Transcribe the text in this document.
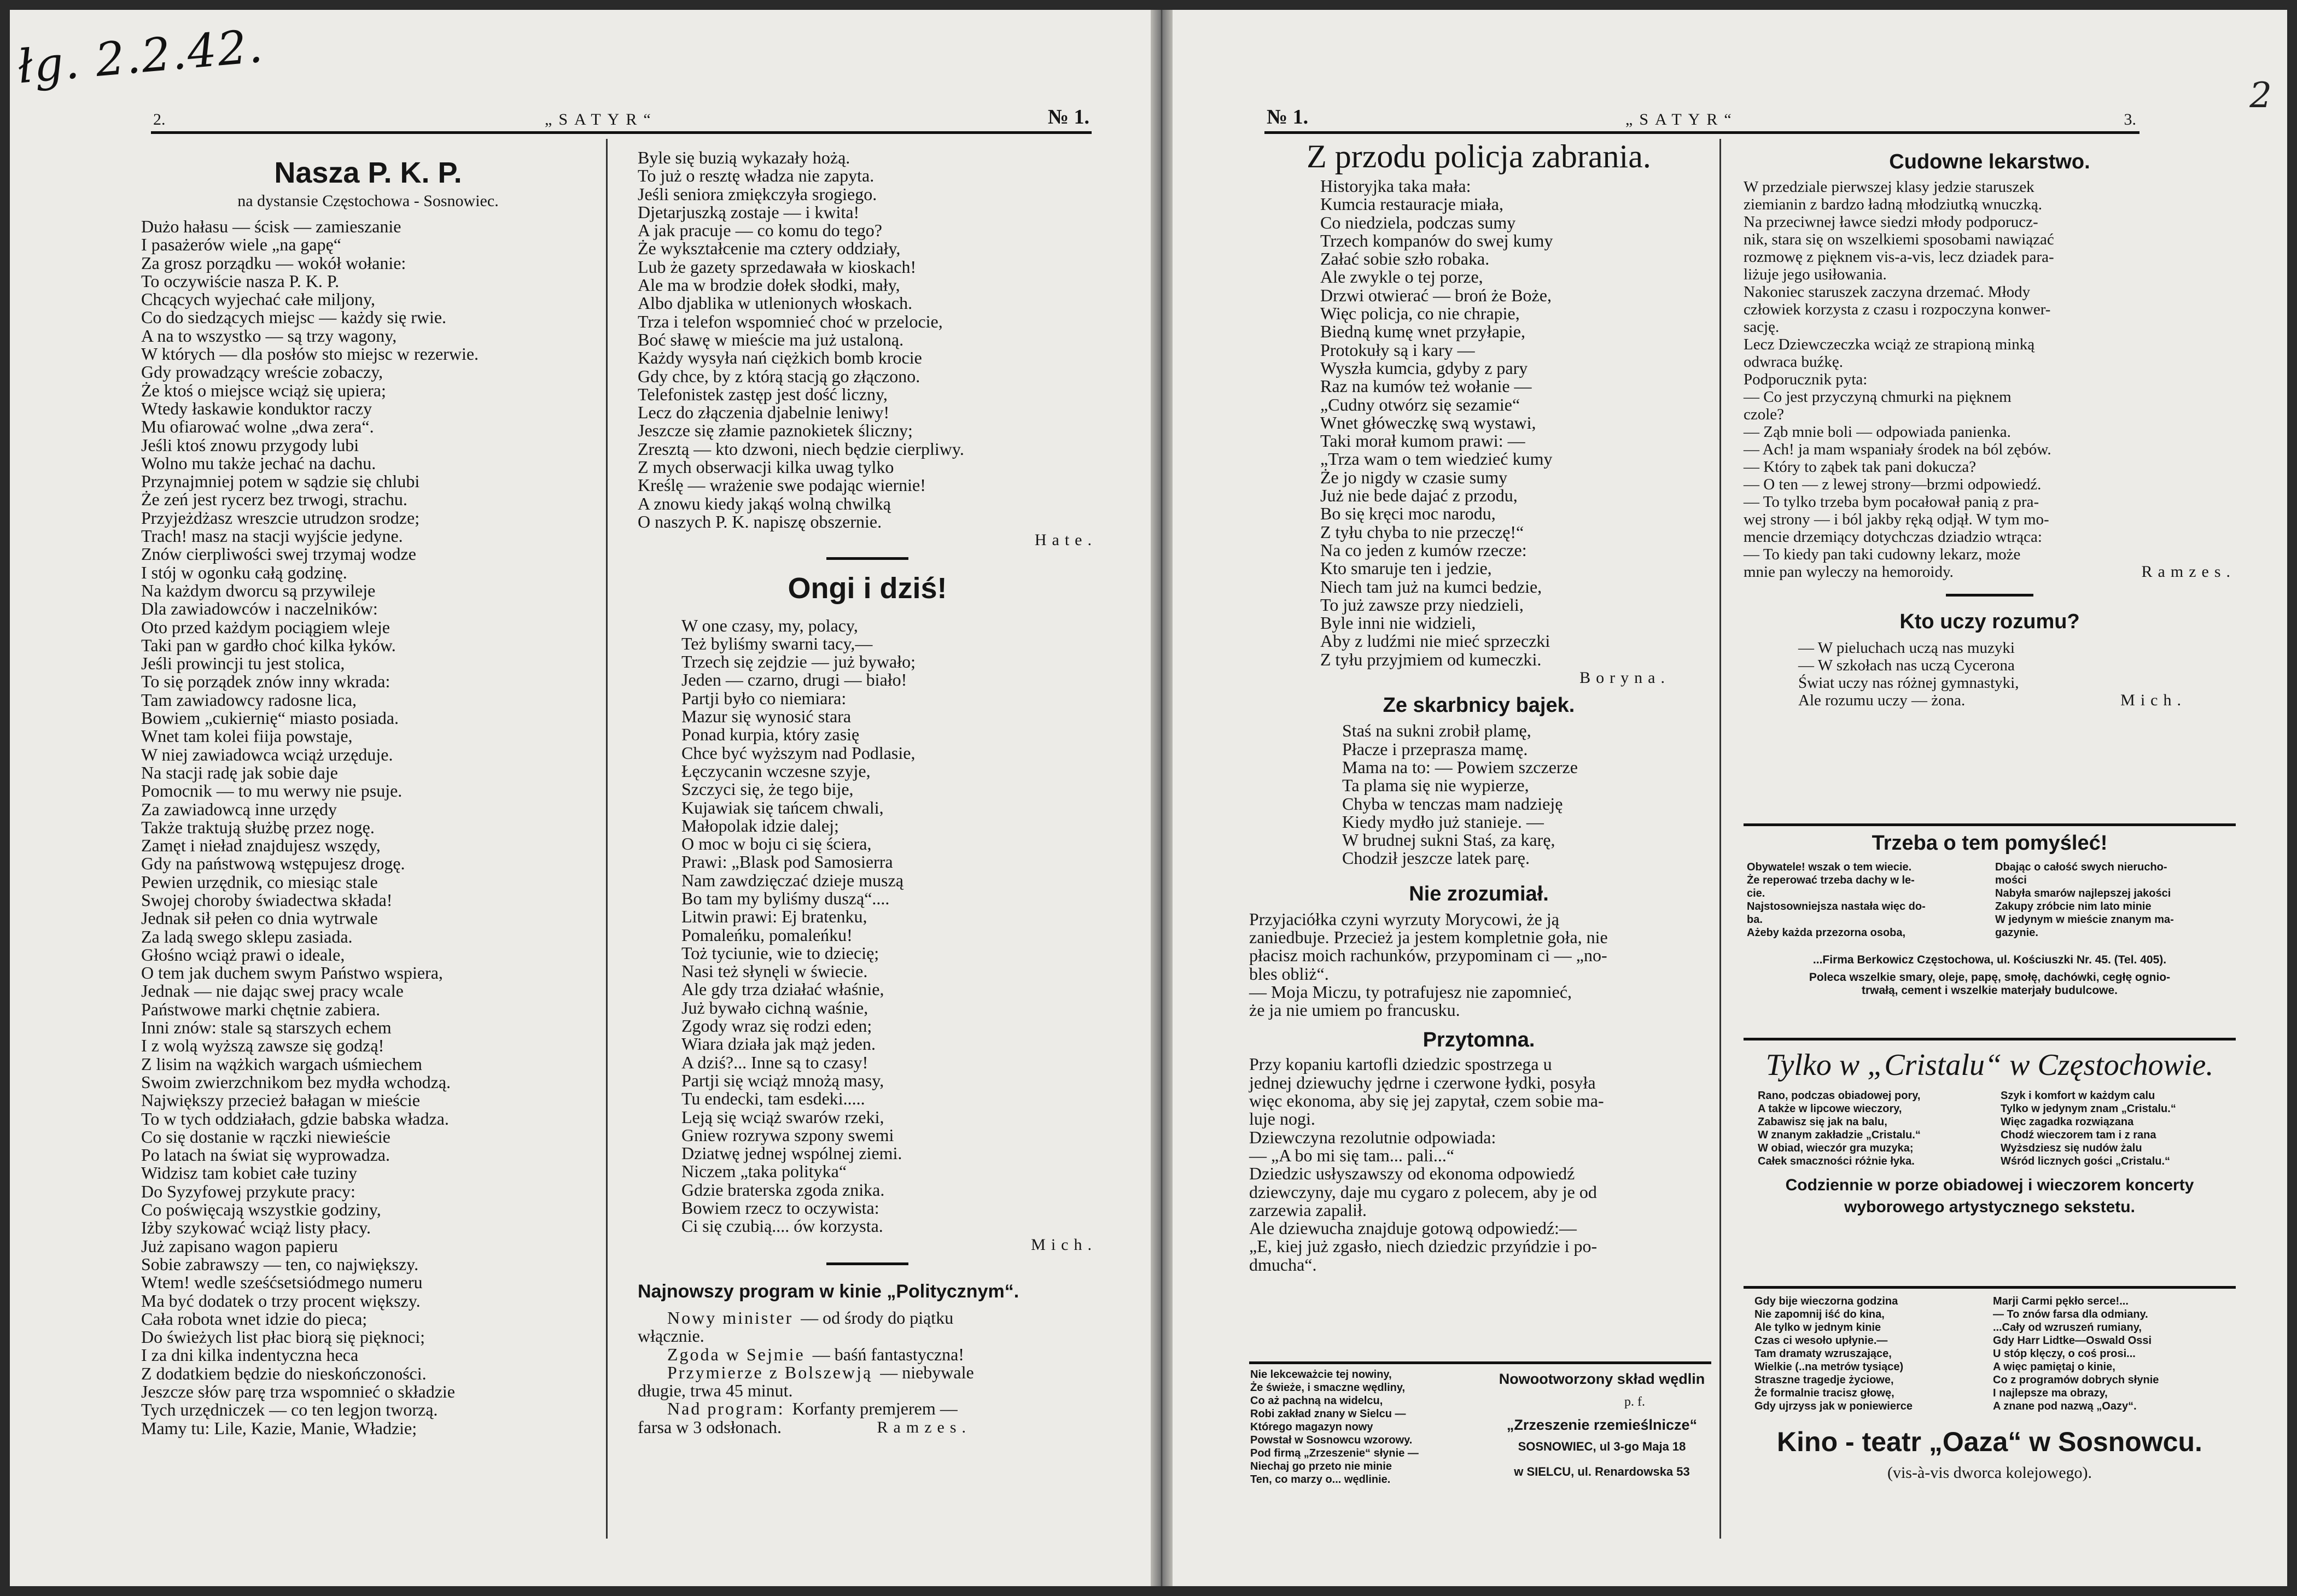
łg. 2.2.42.
2.	„SATYR“	№ 1.
Nasza P. K. P.
na dystansie Częstochowa - Sosnowiec.
Dużo hałasu — ścisk — zamieszanie
I pasażerów wiele „na gapę“
Za grosz porządku — wokół wołanie:
To oczywiście nasza P. K. P.
Chcących wyjechać całe miljony,
Co do siedzących miejsc — każdy się rwie.
A na to wszystko — są trzy wagony,
W których — dla posłów sto miejsc w rezerwie.
Gdy prowadzący wreście zobaczy,
Że ktoś o miejsce wciąż się upiera;
Wtedy łaskawie konduktor raczy
Mu ofiarować wolne „dwa zera“.
Jeśli ktoś znowu przygody lubi
Wolno mu także jechać na dachu.
Przynajmniej potem w sądzie się chlubi
Że zeń jest rycerz bez trwogi, strachu.
Przyjeżdżasz wreszcie utrudzon srodze;
Trach! masz na stacji wyjście jedyne.
Znów cierpliwości swej trzymaj wodze
I stój w ogonku całą godzinę.
Na każdym dworcu są przywileje
Dla zawiadowców i naczelników:
Oto przed każdym pociągiem wleje
Taki pan w gardło choć kilka łyków.
Jeśli prowincji tu jest stolica,
To się porządek znów inny wkrada:
Tam zawiadowcy radosne lica,
Bowiem „cukiernię“ miasto posiada.
Wnet tam kolei fiija powstaje,
W niej zawiadowca wciąż urzęduje.
Na stacji radę jak sobie daje
Pomocnik — to mu werwy nie psuje.
Za zawiadowcą inne urzędy
Także traktują służbę przez nogę.
Zamęt i nieład znajdujesz wszędy,
Gdy na państwową wstępujesz drogę.
Pewien urzędnik, co miesiąc stale
Swojej choroby świadectwa składa!
Jednak sił pełen co dnia wytrwale
Za ladą swego sklepu zasiada.
Głośno wciąż prawi o ideale,
O tem jak duchem swym Państwo wspiera,
Jednak — nie dając swej pracy wcale
Państwowe marki chętnie zabiera.
Inni znów: stale są starszych echem
I z wolą wyższą zawsze się godzą!
Z lisim na wążkich wargach uśmiechem
Swoim zwierzchnikom bez mydła wchodzą.
Największy przecież bałagan w mieście
To w tych oddziałach, gdzie babska władza.
Co się dostanie w rączki niewieście
Po latach na świat się wyprowadza.
Widzisz tam kobiet całe tuziny
Do Syzyfowej przykute pracy:
Co poświęcają wszystkie godziny,
Iżby szykować wciąż listy płacy.
Już zapisano wagon papieru
Sobie zabrawszy — ten, co największy.
Wtem! wedle sześćsetsiódmego numeru
Ma być dodatek o trzy procent większy.
Cała robota wnet idzie do pieca;
Do świeżych list płac biorą się pięknoci;
I za dni kilka indentyczna heca
Z dodatkiem będzie do nieskończoności.
Jeszcze słów parę trza wspomnieć o składzie
Tych urzędniczek — co ten legjon tworzą.
Mamy tu: Lile, Kazie, Manie, Władzie;
Byle się buzią wykazały hożą.
To już o resztę władza nie zapyta.
Jeśli seniora zmiękczyła srogiego.
Djetarjuszką zostaje — i kwita!
A jak pracuje — co komu do tego?
Że wykształcenie ma cztery oddziały,
Lub że gazety sprzedawała w kioskach!
Ale ma w brodzie dołek słodki, mały,
Albo djablika w utlenionych włoskach.
Trza i telefon wspomnieć choć w przelocie,
Boć sławę w mieście ma już ustaloną.
Każdy wysyła nań ciężkich bomb krocie
Gdy chce, by z którą stacją go złączono.
Telefonistek zastęp jest dość liczny,
Lecz do złączenia djabelnie leniwy!
Jeszcze się złamie paznokietek śliczny;
Zresztą — kto dzwoni, niech będzie cierpliwy.
Z mych obserwacji kilka uwag tylko
Kreślę — wrażenie swe podając wiernie!
A znowu kiedy jakąś wolną chwilką
O naszych P. K. napiszę obszernie.
Hate.
Ongi i dziś!
W one czasy, my, polacy,
Też byliśmy swarni tacy,—
Trzech się zejdzie — już bywało;
Jeden — czarno, drugi — biało!
Partji było co niemiara:
Mazur się wynosić stara
Ponad kurpia, który zasię
Chce być wyższym nad Podlasie,
Łęczycanin wczesne szyje,
Szczyci się, że tego bije,
Kujawiak się tańcem chwali,
Małopolak idzie dalej;
O moc w boju ci się ściera,
Prawi: „Blask pod Samosierra
Nam zawdzięczać dzieje muszą
Bo tam my byliśmy duszą“....
Litwin prawi: Ej bratenku,
Pomaleńku, pomaleńku!
Toż tyciunie, wie to dziecię;
Nasi też słynęli w świecie.
Ale gdy trza działać właśnie,
Już bywało cichną waśnie,
Zgody wraz się rodzi eden;
Wiara działa jak mąż jeden.
A dziś?... Inne są to czasy!
Partji się wciąż mnożą masy,
Tu endecki, tam esdeki.....
Leją się wciąż swarów rzeki,
Gniew rozrywa szpony swemi
Dziatwę jednej wspólnej ziemi.
Niczem „taka polityka“
Gdzie braterska zgoda znika.
Bowiem rzecz to oczywista:
Ci się czubią.... ów korzysta.
Mich.
Najnowszy program w kinie „Politycznym“.
Nowy minister — od środy do piątku
włącznie.
Zgoda w Sejmie — baśń fantastyczna!
Przymierze z Bolszewją — niebywale
długie, trwa 45 minut.
Nad program: Korfanty premjerem —
farsa w 3 odsłonach.	Ramzes.
2
№ 1.	„SATYR“	3.
Z przodu policja zabrania.
Historyjka taka mała:
Kumcia restauracje miała,
Co niedziela, podczas sumy
Trzech kompanów do swej kumy
Załać sobie szło robaka.
Ale zwykle o tej porze,
Drzwi otwierać — broń że Boże,
Więc policja, co nie chrapie,
Biedną kumę wnet przyłapie,
Protokuły są i kary —
Wyszła kumcia, gdyby z pary
Raz na kumów też wołanie —
„Cudny otwórz się sezamie“
Wnet główeczkę swą wystawi,
Taki morał kumom prawi: —
„Trza wam o tem wiedzieć kumy
Że jo nigdy w czasie sumy
Już nie bede dajać z przodu,
Bo się kręci moc narodu,
Z tyłu chyba to nie przeczę!“
Na co jeden z kumów rzecze:
Kto smaruje ten i jedzie,
Niech tam już na kumci bedzie,
To już zawsze przy niedzieli,
Byle inni nie widzieli,
Aby z ludźmi nie mieć sprzeczki
Z tyłu przyjmiem od kumeczki.
Boryna.
Ze skarbnicy bajek.
Staś na sukni zrobił plamę,
Płacze i przeprasza mamę.
Mama na to: — Powiem szczerze
Ta plama się nie wypierze,
Chyba w tenczas mam nadzieję
Kiedy mydło już stanieje. —
W brudnej sukni Staś, za karę,
Chodził jeszcze latek parę.
Nie zrozumiał.
Przyjaciółka czyni wyrzuty Morycowi, że ją
zaniedbuje. Przecież ja jestem kompletnie goła, nie
płacisz moich rachunków, przypominam ci — „no-
bles obliż“.
— Moja Miczu, ty potrafujesz nie zapomnieć,
że ja nie umiem po francusku.
Przytomna.
Przy kopaniu kartofli dziedzic spostrzega u
jednej dziewuchy jędrne i czerwone łydki, posyła
więc ekonoma, aby się jej zapytał, czem sobie ma-
luje nogi.
Dziewczyna rezolutnie odpowiada:
— „A bo mi się tam... pali...“
Dziedzic usłyszawszy od ekonoma odpowiedź
dziewczyny, daje mu cygaro z polecem, aby je od
zarzewia zapalił.
Ale dziewucha znajduje gotową odpowiedź:—
„E, kiej już zgasło, niech dziedzic przyńdzie i po-
dmucha“.
Nie lekceważcie tej nowiny,
Że świeże, i smaczne wędliny,
Co aż pachną na widelcu,
Robi zakład znany w Sielcu —
Którego magazyn nowy
Powstał w Sosnowcu wzorowy.
Pod firmą „Zrzeszenie“ słynie —
Niechaj go przeto nie minie
Ten, co marzy o... wędlinie.
Nowootworzony skład wędlin
p. f.
„Zrzeszenie rzemieślnicze“
SOSNOWIEC, ul 3-go Maja 18
w SIELCU, ul. Renardowska 53
Cudowne lekarstwo.
W przedziale pierwszej klasy jedzie staruszek
ziemianin z bardzo ładną młodziutką wnuczką.
Na przeciwnej ławce siedzi młody podporucz-
nik, stara się on wszelkiemi sposobami nawiązać
rozmowę z pięknem vis-a-vis, lecz dziadek para-
liżuje jego usiłowania.
Nakoniec staruszek zaczyna drzemać. Młody
człowiek korzysta z czasu i rozpoczyna konwer-
sację.
Lecz Dziewczeczka wciąż ze strapioną minką
odwraca buźkę.
Podporucznik pyta:
— Co jest przyczyną chmurki na pięknem
czole?
— Ząb mnie boli — odpowiada panienka.
— Ach! ja mam wspaniały środek na ból zębów.
— Który to ząbek tak pani dokucza?
— O ten — z lewej strony—brzmi odpowiedź.
— To tylko trzeba bym pocałował panią z pra-
wej strony — i ból jakby ręką odjął. W tym mo-
mencie drzemiący dotychczas dziadzio wtrąca:
— To kiedy pan taki cudowny lekarz, może
mnie pan wyleczy na hemoroidy.	Ramzes.
Kto uczy rozumu?
— W pieluchach uczą nas muzyki
— W szkołach nas uczą Cycerona
Świat uczy nas różnej gymnastyki,
Ale rozumu uczy — żona.	Mich.
Trzeba o tem pomyśleć!
Obywatele! wszak o tem wiecie.
Że reperować trzeba dachy w le-
cie.
Najstosowniejsza nastała więc do-
ba.
Ażeby każda przezorna osoba,
Dbając o całość swych nierucho-
mości
Nabyła smarów najlepszej jakości
Zakupy zróbcie nim lato minie
W jedynym w mieście znanym ma-
gazynie.
...Firma Berkowicz Częstochowa, ul. Kościuszki Nr. 45. (Tel. 405).
Poleca wszelkie smary, oleje, papę, smołę, dachówki, cegłę ognio-
trwałą, cement i wszelkie materjały budulcowe.
Tylko w „Cristalu“ w Częstochowie.
Rano, podczas obiadowej pory,
A także w lipcowe wieczory,
Zabawisz się jak na balu,
W znanym zakładzie „Cristalu.“
W obiad, wieczór gra muzyka;
Całek smaczności różnie łyka.
Szyk i komfort w każdym calu
Tylko w jedynym znam „Cristalu.“
Więc zagadka rozwiązana
Chodź wieczorem tam i z rana
Wyżsdziesz się nudów żalu
Wśród licznych gości „Cristalu.“
Codziennie w porze obiadowej i wieczorem koncerty
wyborowego artystycznego sekstetu.
Gdy bije wieczorna godzina
Nie zapomnij iść do kina,
Ale tylko w jednym kinie
Czas ci wesoło upłynie.—
Tam dramaty wzruszające,
Wielkie (..na metrów tysiące)
Straszne tragedje życiowe,
Że formalnie tracisz głowę,
Gdy ujrzyss jak w poniewierce
Marji Carmi pękło serce!...
— To znów farsa dla odmiany.
...Cały od wzruszeń rumiany,
Gdy Harr Lidtke—Oswald Ossi
U stóp klęczy, o coś prosi...
A więc pamiętaj o kinie,
Co z programów dobrych słynie
I najlepsze ma obrazy,
A znane pod nazwą „Oazy“.
Kino - teatr „Oaza“ w Sosnowcu.
(vis-à-vis dworca kolejowego).
